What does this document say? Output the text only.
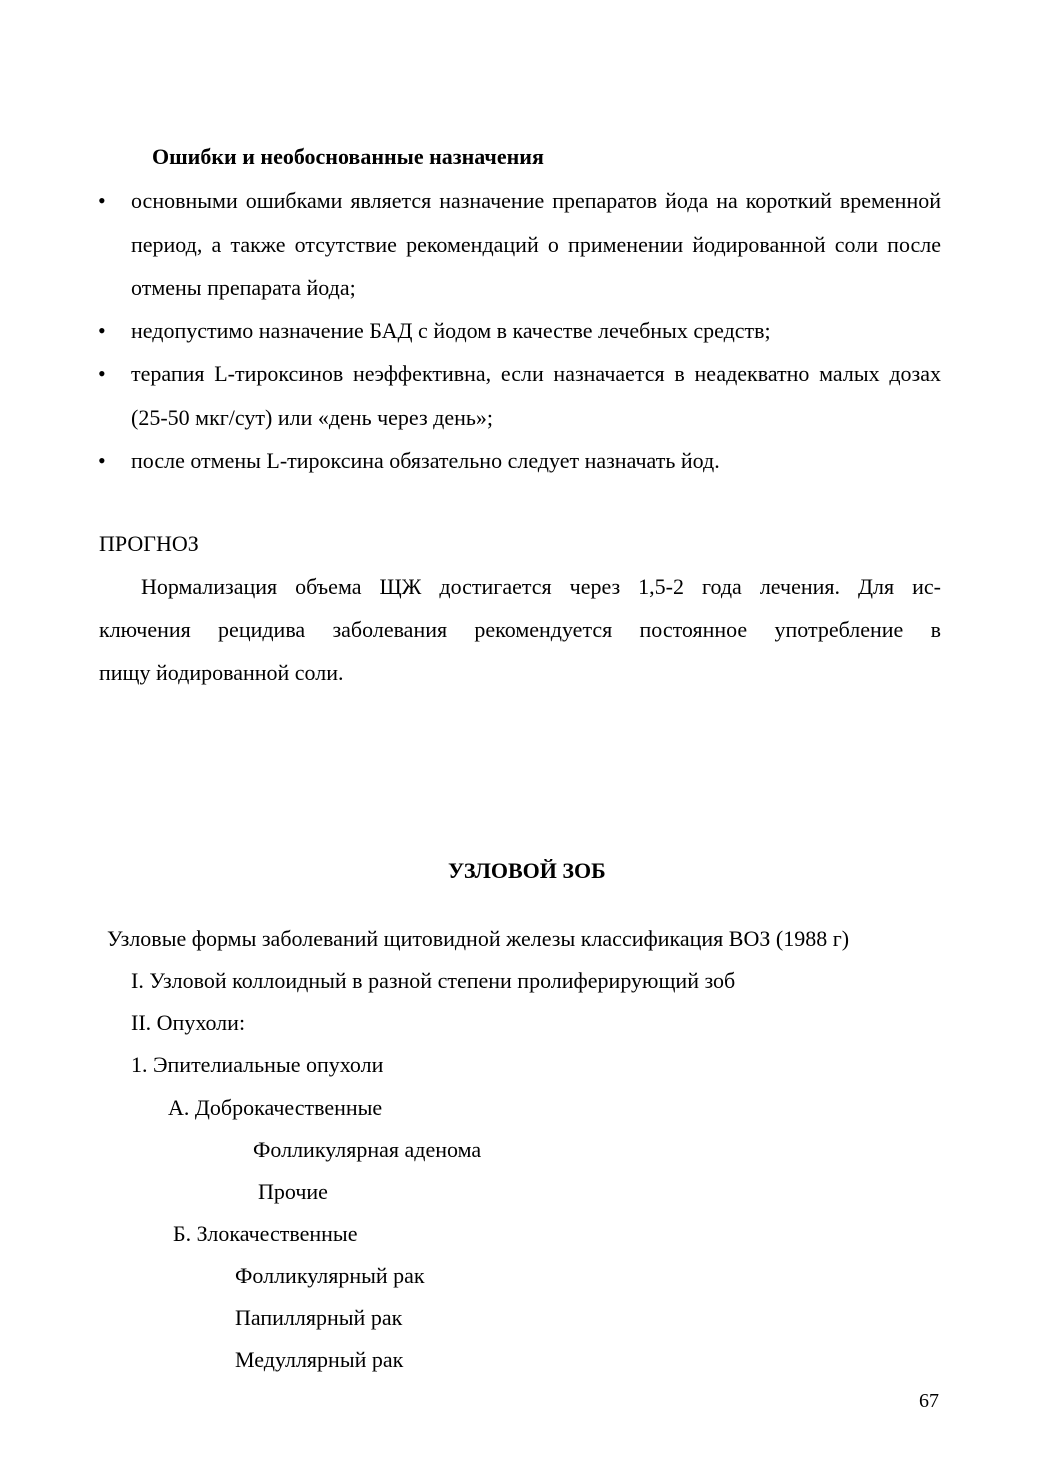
Ошибки и необоснованные назначения
• основными ошибками является назначение препаратов йода на короткий временной период, а также отсутствие рекомендаций о применении йодированной соли после отмены препарата йода;
• недопустимо назначение БАД с йодом в качестве лечебных средств;
• терапия L-тироксинов неэффективна, если назначается в неадекватно малых дозах (25-50 мкг/сут) или «день через день»;
• после отмены L-тироксина обязательно следует назначать йод.
ПРОГНОЗ
Нормализация объема ЩЖ достигается через 1,5-2 года лечения. Для ис-
ключения рецидива заболевания рекомендуется постоянное употребление в
пищу йодированной соли.
УЗЛОВОЙ ЗОБ
Узловые формы заболеваний щитовидной железы классификация ВОЗ (1988 г)
I. Узловой коллоидный в разной степени пролиферирующий зоб
II. Опухоли:
1. Эпителиальные опухоли
А. Доброкачественные
Фолликулярная аденома
Прочие
Б. Злокачественные
Фолликулярный рак
Папиллярный рак
Медуллярный рак
67
